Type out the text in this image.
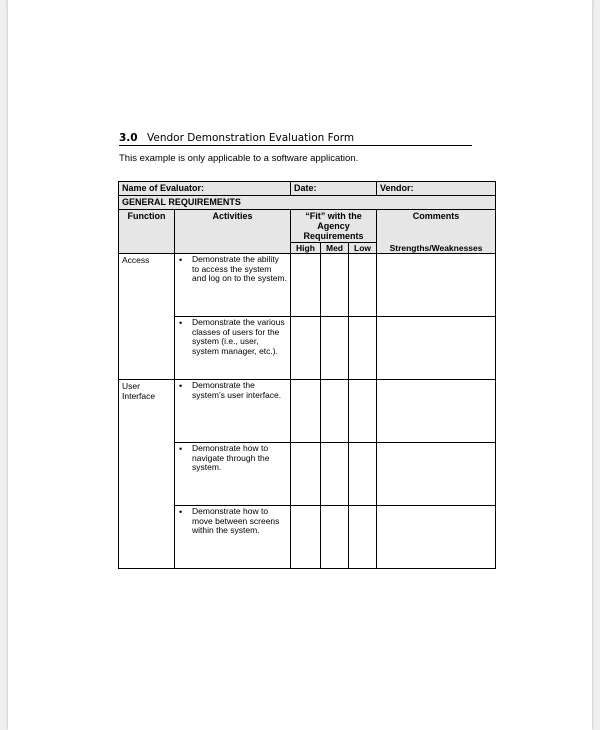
3.0 Vendor Demonstration Evaluation Form
This example is only applicable to a software application.
Name of Evaluator:		Date:			Vendor:
GENERAL REQUIREMENTS					
Function	Activities	“Fit” with the Agency Requirements			Comments
		High	Med	Low	Strengths/Weaknesses
Access	• Demonstrate the ability to access the system and log on to the system.				

	• Demonstrate the various classes of users for the system (i.e., user, system manager, etc.).				

User Interface	• Demonstrate the system’s user interface.				

	• Demonstrate how to navigate through the system.				

	• Demonstrate how to move between screens within the system.				
